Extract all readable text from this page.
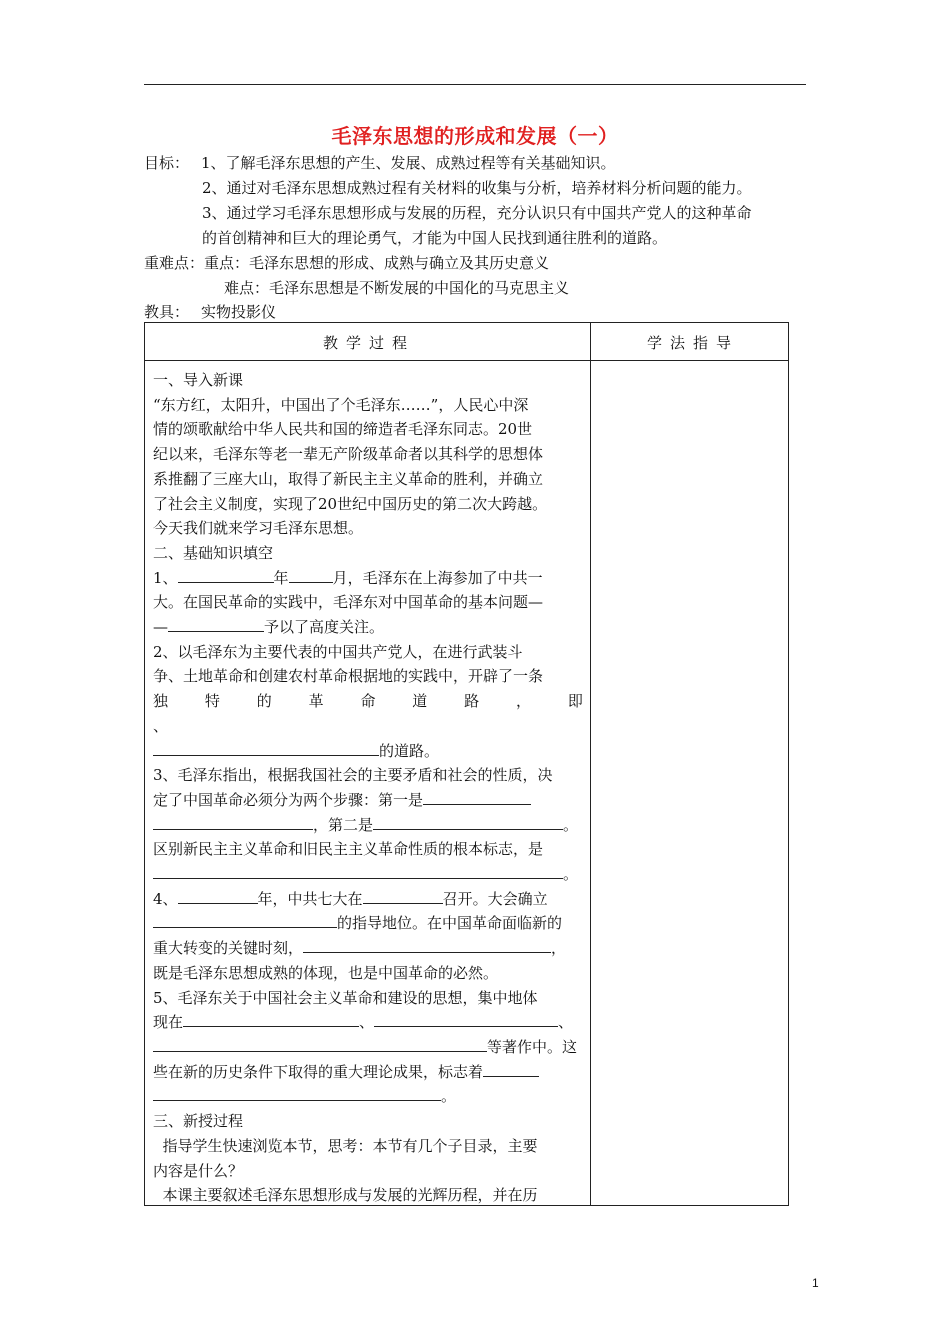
毛泽东思想的形成和发展（一）
目标： 1、了解毛泽东思想的产生、发展、成熟过程等有关基础知识。
2、通过对毛泽东思想成熟过程有关材料的收集与分析，培养材料分析问题的能力。
3、通过学习毛泽东思想形成与发展的历程，充分认识只有中国共产党人的这种革命
的首创精神和巨大的理论勇气，才能为中国人民找到通往胜利的道路。
重难点：重点：毛泽东思想的形成、成熟与确立及其历史意义
难点：毛泽东思想是不断发展的中国化的马克思主义
教具： 实物投影仪
教学过程	学法指导

一、导入新课

“东方红，太阳升，中国出了个毛泽东……”，人民心中深

情的颂歌献给中华人民共和国的缔造者毛泽东同志。20世

纪以来，毛泽东等老一辈无产阶级革命者以其科学的思想体

系推翻了三座大山，取得了新民主主义革命的胜利，并确立

了社会主义制度，实现了20世纪中国历史的第二次大跨越。

今天我们就来学习毛泽东思想。

二、基础知识填空

1、	年	月，毛泽东在上海参加了中共一

大。在国民革命的实践中，毛泽东对中国革命的基本问题—

—	予以了高度关注。

2、以毛泽东为主要代表的中国共产党人，在进行武装斗

争、土地革命和创建农村革命根据地的实践中，开辟了一条

独 特 的 革 命 道 路 ， 即

、

的道路。

3、毛泽东指出，根据我国社会的主要矛盾和社会的性质，决

定了中国革命必须分为两个步骤：第一是

，第二是	。

区别新民主主义革命和旧民主主义革命性质的根本标志，是

。

4、	年，中共七大在	召开。大会确立

的指导地位。在中国革命面临新的

重大转变的关键时刻，	，

既是毛泽东思想成熟的体现，也是中国革命的必然。

5、毛泽东关于中国社会主义革命和建设的思想，集中地体

现在	、	、

等著作中。这

些在新的历史条件下取得的重大理论成果，标志着

。

三、新授过程

指导学生快速浏览本节，思考：本节有几个子目录，主要

内容是什么？

本课主要叙述毛泽东思想形成与发展的光辉历程，并在历

1
